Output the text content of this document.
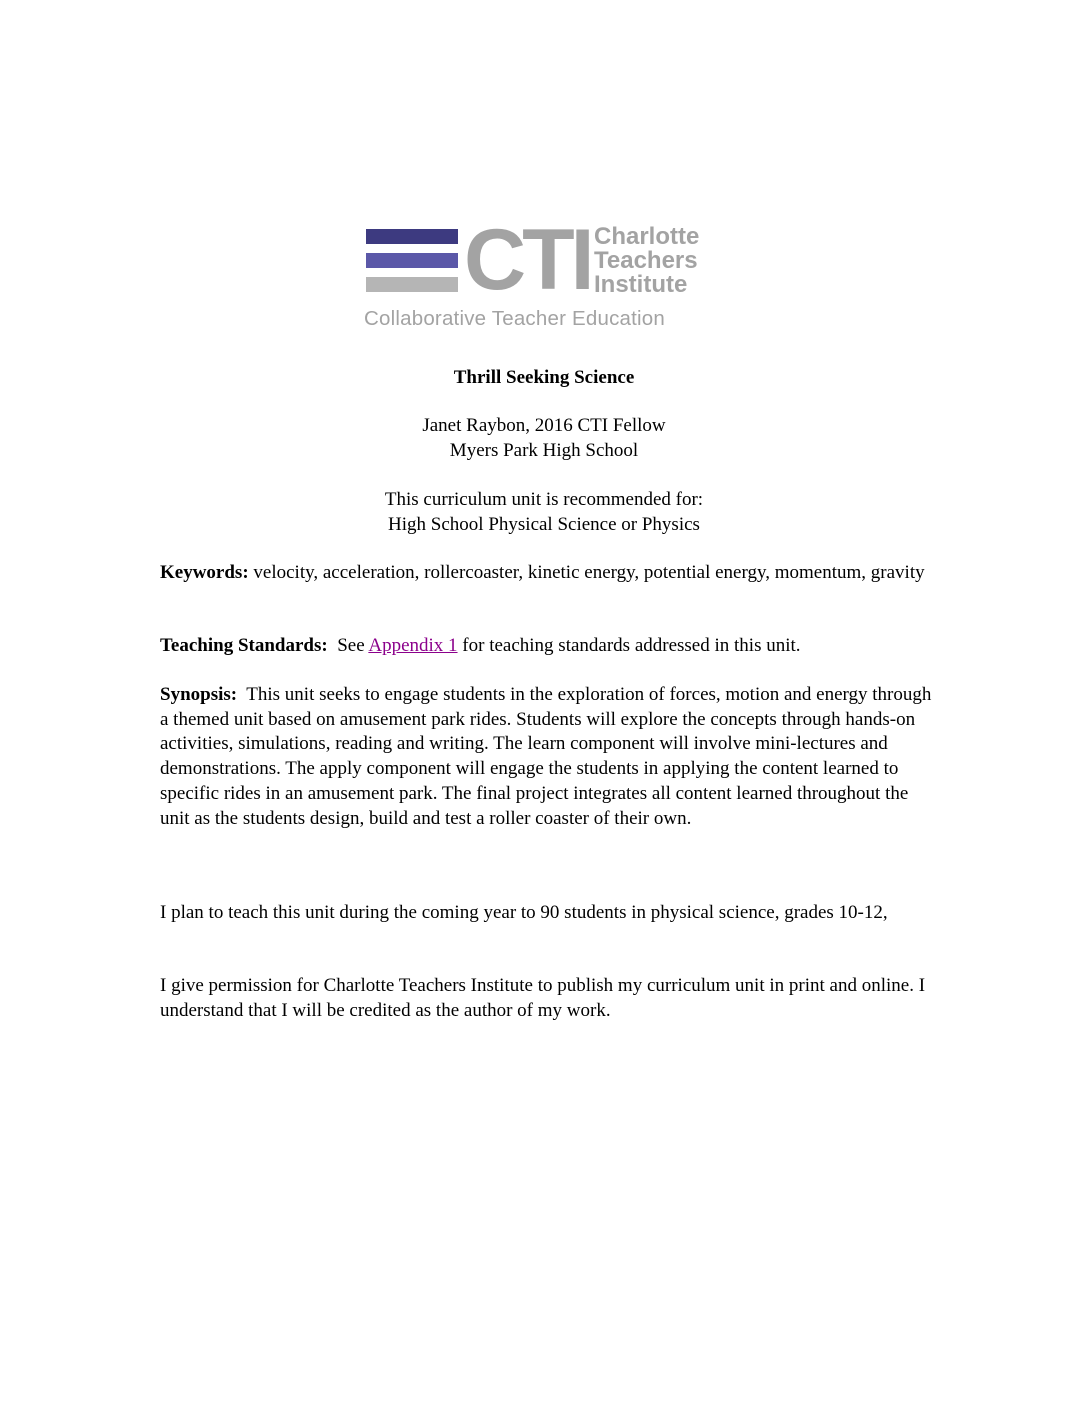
CTI Charlotte
Teachers
Institute
Collaborative Teacher Education
Thrill Seeking Science
Janet Raybon, 2016 CTI Fellow
Myers Park High School
This curriculum unit is recommended for:
High School Physical Science or Physics
Keywords: velocity, acceleration, rollercoaster, kinetic energy, potential energy, momentum, gravity
Teaching Standards: See Appendix 1 for teaching standards addressed in this unit.
Synopsis: This unit seeks to engage students in the exploration of forces, motion and energy through a themed unit based on amusement park rides. Students will explore the concepts through hands-on activities, simulations, reading and writing. The learn component will involve mini-lectures and demonstrations. The apply component will engage the students in applying the content learned to specific rides in an amusement park. The final project integrates all content learned throughout the unit as the students design, build and test a roller coaster of their own.
I plan to teach this unit during the coming year to 90 students in physical science, grades 10-12,
I give permission for Charlotte Teachers Institute to publish my curriculum unit in print and online. I understand that I will be credited as the author of my work.
